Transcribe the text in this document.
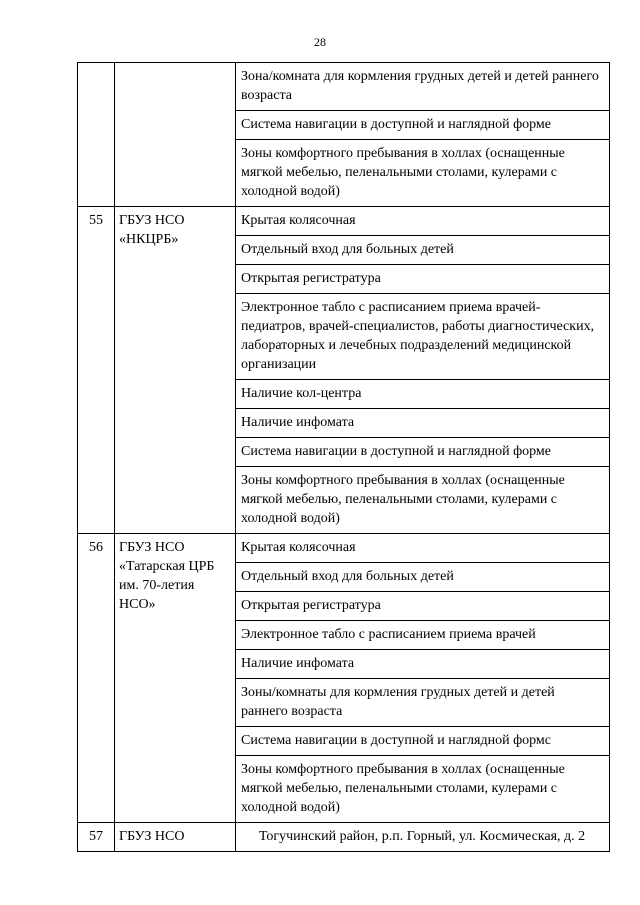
28

		Зона/комната для кормления грудных детей и детей раннего возраста

		Система навигации в доступной и наглядной форме

		Зоны комфортного пребывания в холлах (оснащенные мягкой мебелью, пеленальными столами, кулерами с холодной водой)

55	ГБУЗ НСО «НКЦРБ»	Крытая колясочная

		Отдельный вход для больных детей

		Открытая регистратура

		Электронное табло с расписанием приема врачей-педиатров, врачей-специалистов, работы диагностических, лабораторных и лечебных подразделений медицинской организации

		Наличие кол-центра

		Наличие инфомата

		Система навигации в доступной и наглядной форме

		Зоны комфортного пребывания в холлах (оснащенные мягкой мебелью, пеленальными столами, кулерами с холодной водой)

56	ГБУЗ НСО «Татарская ЦРБ им. 70-летия НСО»	Крытая колясочная

		Отдельный вход для больных детей

		Открытая регистратура

		Электронное табло с расписанием приема врачей

		Наличие инфомата

		Зоны/комнаты для кормления грудных детей и детей раннего возраста

		Система навигации в доступной и наглядной формс

		Зоны комфортного пребывания в холлах (оснащенные мягкой мебелью, пеленальными столами, кулерами с холодной водой)

57	ГБУЗ НСО	Тогучинский район, р.п. Горный, ул. Космическая, д. 2
